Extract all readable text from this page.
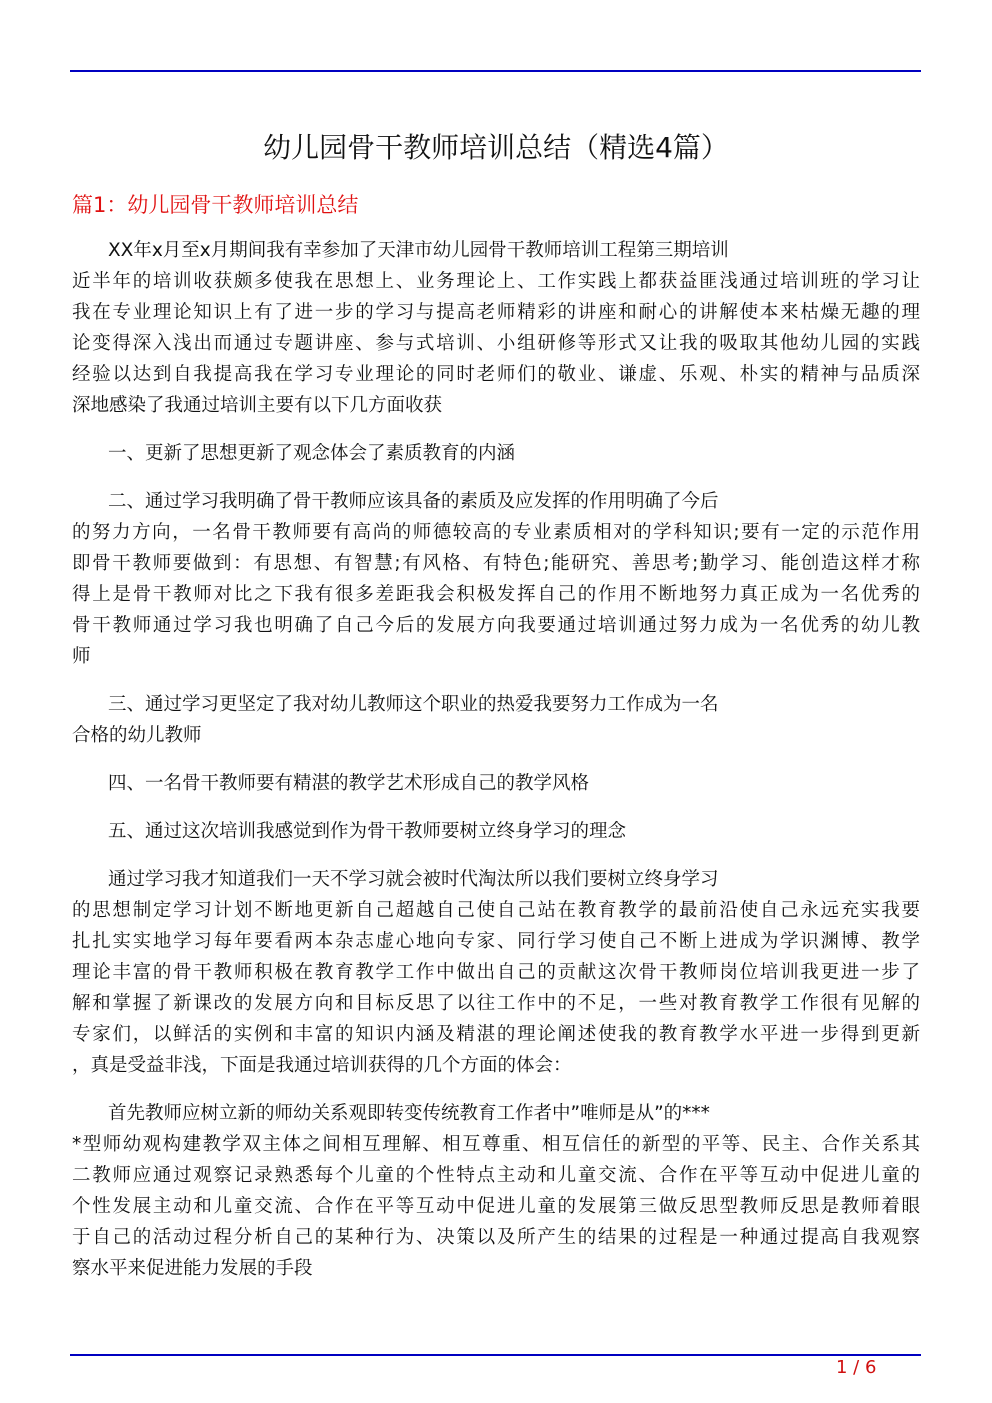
幼儿园骨干教师培训总结（精选4篇）
篇1：幼儿园骨干教师培训总结
XX年x月至x月期间我有幸参加了天津市幼儿园骨干教师培训工程第三期培训
近半年的培训收获颇多使我在思想上、业务理论上、工作实践上都获益匪浅通过培训班的学习让
我在专业理论知识上有了进一步的学习与提高老师精彩的讲座和耐心的讲解使本来枯燥无趣的理
论变得深入浅出而通过专题讲座、参与式培训、小组研修等形式又让我的吸取其他幼儿园的实践
经验以达到自我提高我在学习专业理论的同时老师们的敬业、谦虚、乐观、朴实的精神与品质深
深地感染了我通过培训主要有以下几方面收获
一、更新了思想更新了观念体会了素质教育的内涵
二、通过学习我明确了骨干教师应该具备的素质及应发挥的作用明确了今后
的努力方向，一名骨干教师要有高尚的师德较高的专业素质相对的学科知识;要有一定的示范作用
即骨干教师要做到：有思想、有智慧;有风格、有特色;能研究、善思考;勤学习、能创造这样才称
得上是骨干教师对比之下我有很多差距我会积极发挥自己的作用不断地努力真正成为一名优秀的
骨干教师通过学习我也明确了自己今后的发展方向我要通过培训通过努力成为一名优秀的幼儿教
师
三、通过学习更坚定了我对幼儿教师这个职业的热爱我要努力工作成为一名
合格的幼儿教师
四、一名骨干教师要有精湛的教学艺术形成自己的教学风格
五、通过这次培训我感觉到作为骨干教师要树立终身学习的理念
通过学习我才知道我们一天不学习就会被时代淘汰所以我们要树立终身学习
的思想制定学习计划不断地更新自己超越自己使自己站在教育教学的最前沿使自己永远充实我要
扎扎实实地学习每年要看两本杂志虚心地向专家、同行学习使自己不断上进成为学识渊博、教学
理论丰富的骨干教师积极在教育教学工作中做出自己的贡献这次骨干教师岗位培训我更进一步了
解和掌握了新课改的发展方向和目标反思了以往工作中的不足，一些对教育教学工作很有见解的
专家们，以鲜活的实例和丰富的知识内涵及精湛的理论阐述使我的教育教学水平进一步得到更新
，真是受益非浅，下面是我通过培训获得的几个方面的体会：
首先教师应树立新的师幼关系观即转变传统教育工作者中”唯师是从”的***
*型师幼观构建教学双主体之间相互理解、相互尊重、相互信任的新型的平等、民主、合作关系其
二教师应通过观察记录熟悉每个儿童的个性特点主动和儿童交流、合作在平等互动中促进儿童的
个性发展主动和儿童交流、合作在平等互动中促进儿童的发展第三做反思型教师反思是教师着眼
于自己的活动过程分析自己的某种行为、决策以及所产生的结果的过程是一种通过提高自我观察
察水平来促进能力发展的手段
1 / 6
